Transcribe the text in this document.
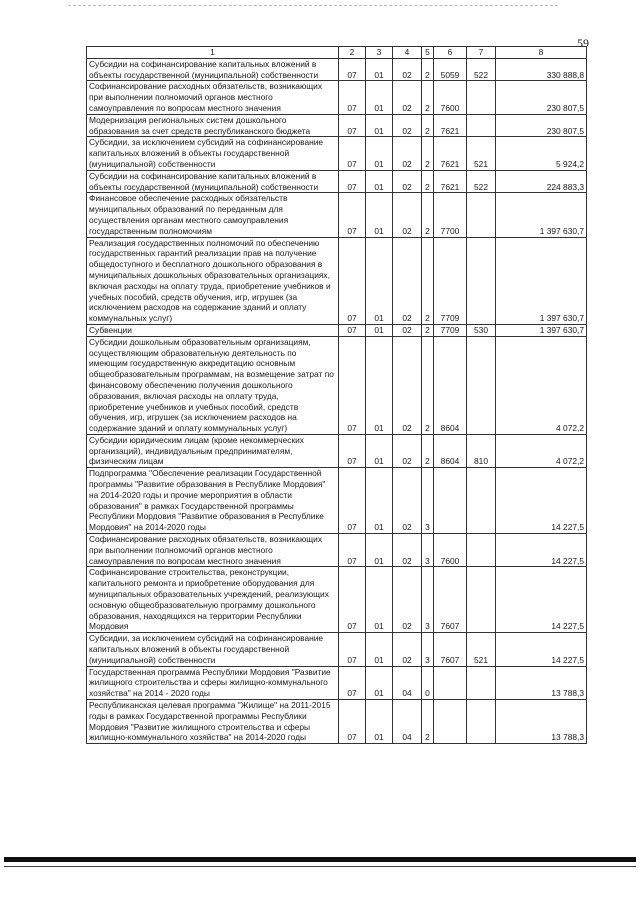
59
1	2	3	4	5	6	7	8
Субсидии на софинансирование капитальных вложений в объекты государственной (муниципальной) собственности	07	01	02	2	5059	522	330 888,8
Софинансирование расходных обязательств, возникающих при выполнении полномочий органов местного самоуправления по вопросам местного значения	07	01	02	2	7600		230 807,5
Модернизация региональных систем дошкольного образования за счет средств республиканского бюджета	07	01	02	2	7621		230 807,5
Субсидии, за исключением субсидий на софинансирование капитальных вложений в объекты государственной (муниципальной) собственности	07	01	02	2	7621	521	5 924,2
Субсидии на софинансирование капитальных вложений в объекты государственной (муниципальной) собственности	07	01	02	2	7621	522	224 883,3
Финансовое обеспечение расходных обязательств муниципальных образований по переданным для осуществления органам местного самоуправления государственным полномочиям	07	01	02	2	7700		1 397 630,7
Реализация государственных полномочий по обеспечению государственных гарантий реализации прав на получение общедоступного и бесплатного дошкольного образования в муниципальных дошкольных образовательных организациях, включая расходы на оплату труда, приобретение учебников и учебных пособий, средств обучения, игр, игрушек (за исключением расходов на содержание зданий и оплату коммунальных услуг)	07	01	02	2	7709		1 397 630,7
Субвенции	07	01	02	2	7709	530	1 397 630,7
Субсидии дошкольным образовательным организациям, осуществляющим образовательную деятельность по имеющим государственную аккредитацию основным общеобразовательным программам, на возмещение затрат по финансовому обеспечению получения дошкольного образования, включая расходы на оплату труда, приобретение учебников и учебных пособий, средств обучения, игр, игрушек (за исключением расходов на содержание зданий и оплату коммунальных услуг)	07	01	02	2	8604		4 072,2
Субсидии юридическим лицам (кроме некоммерческих организаций), индивидуальным предпринимателям, физическим лицам	07	01	02	2	8604	810	4 072,2
Подпрограмма "Обеспечение реализации Государственной программы "Развитие образования в Республике Мордовия" на 2014-2020 годы и прочие мероприятия в области образования" в рамках Государственной программы Республики Мордовия "Развитие образования в Республике Мордовия" на 2014-2020 годы	07	01	02	3			14 227,5
Софинансирование расходных обязательств, возникающих при выполнении полномочий органов местного самоуправления по вопросам местного значения	07	01	02	3	7600		14 227,5
Софинансирование строительства, реконструкции, капитального ремонта и приобретение оборудования для муниципальных образовательных учреждений, реализующих основную общеобразовательную программу дошкольного образования, находящихся на территории Республики Мордовия	07	01	02	3	7607		14 227,5
Субсидии, за исключением субсидий на софинансирование капитальных вложений в объекты государственной (муниципальной) собственности	07	01	02	3	7607	521	14 227,5
Государственная программа Республики Мордовия "Развитие жилищного строительства и сферы жилищно-коммунального хозяйства" на 2014 - 2020 годы	07	01	04	0			13 788,3
Республиканская целевая программа "Жилище" на 2011-2015 годы в рамках Государственной программы Республики Мордовия "Развитие жилищного строительства и сферы жилищно-коммунального хозяйства" на 2014-2020 годы	07	01	04	2			13 788,3
